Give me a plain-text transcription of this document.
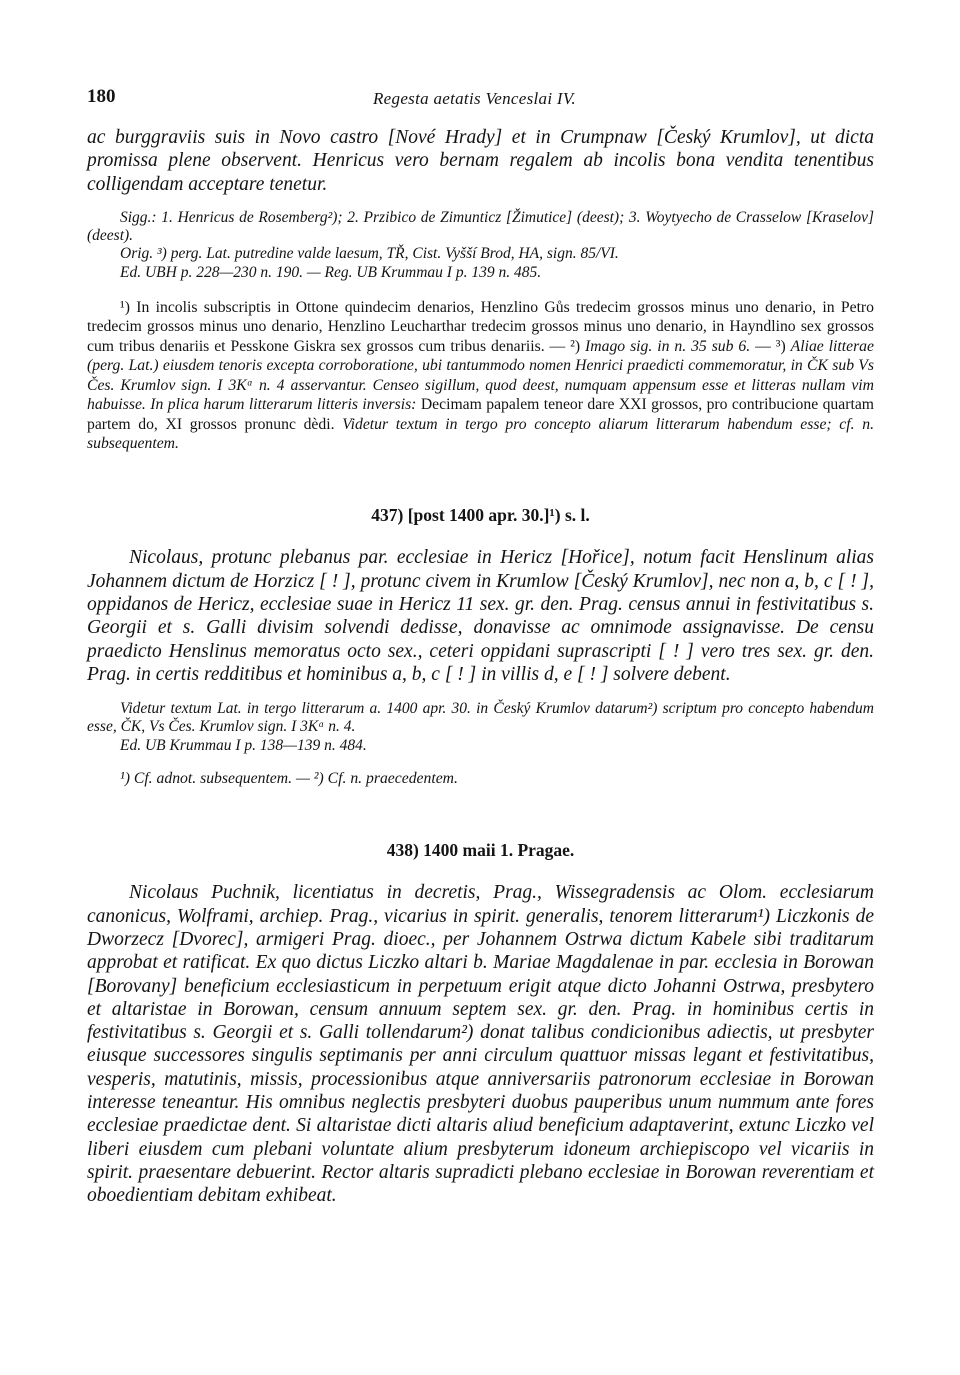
180	Regesta aetatis Venceslai IV.

ac burggraviis suis in Novo castro [Nové Hrady] et in Crumpnaw [Český Krumlov], ut dicta promissa plene observent. Henricus vero bernam regalem ab incolis bona vendita tenentibus colligendam acceptare tenetur.

Sigg.: 1. Henricus de Rosemberg²); 2. Przibico de Zimunticz [Žimutice] (deest); 3. Woytyecho de Crasselow [Kraselov] (deest).

Orig. ³) perg. Lat. putredine valde laesum, TŘ, Cist. Vyšší Brod, HA, sign. 85/VI.

Ed. UBH p. 228—230 n. 190. — Reg. UB Krummau I p. 139 n. 485.

¹) In incolis subscriptis in Ottone quindecim denarios, Henzlino Gůs tredecim grossos minus uno denario, in Petro tredecim grossos minus uno denario, Henzlino Leucharthar tredecim grossos minus uno denario, in Hayndlino sex grossos cum tribus denariis et Pesskone Giskra sex grossos cum tribus denariis. — ²) Imago sig. in n. 35 sub 6. — ³) Aliae litterae (perg. Lat.) eiusdem tenoris excepta corroboratione, ubi tantummodo nomen Henrici praedicti commemoratur, in ČK sub Vs Čes. Krumlov sign. I 3Kᵅ n. 4 asservantur. Censeo sigillum, quod deest, numquam appensum esse et litteras nullam vim habuisse. In plica harum litterarum litteris inversis: Decimam papalem teneor dare XXI grossos, pro contribucione quartam partem do, XI grossos pronunc dèdi. Videtur textum in tergo pro concepto aliarum litterarum habendum esse; cf. n. subsequentem.

437) [post 1400 apr. 30.]¹) s. l.

Nicolaus, protunc plebanus par. ecclesiae in Hericz [Hořice], notum facit Henslinum alias Johannem dictum de Horzicz [ ! ], protunc civem in Krumlow [Český Krumlov], nec non a, b, c [ ! ], oppidanos de Hericz, ecclesiae suae in Hericz 11 sex. gr. den. Prag. census annui in festivitatibus s. Georgii et s. Galli divisim solvendi dedisse, donavisse ac omnimode assignavisse. De censu praedicto Henslinus memoratus octo sex., ceteri oppidani suprascripti [ ! ] vero tres sex. gr. den. Prag. in certis redditibus et hominibus a, b, c [ ! ] in villis d, e [ ! ] solvere debent.

Videtur textum Lat. in tergo litterarum a. 1400 apr. 30. in Český Krumlov datarum²) scriptum pro concepto habendum esse, ČK, Vs Čes. Krumlov sign. I 3Kᵅ n. 4.

Ed. UB Krummau I p. 138—139 n. 484.

¹) Cf. adnot. subsequentem. — ²) Cf. n. praecedentem.

438) 1400 maii 1. Pragae.

Nicolaus Puchnik, licentiatus in decretis, Prag., Wissegradensis ac Olom. ecclesiarum canonicus, Wolframi, archiep. Prag., vicarius in spirit. generalis, tenorem litterarum¹) Liczkonis de Dworzecz [Dvorec], armigeri Prag. dioec., per Johannem Ostrwa dictum Kabele sibi traditarum approbat et ratificat. Ex quo dictus Liczko altari b. Mariae Magdalenae in par. ecclesia in Borowan [Borovany] beneficium ecclesiasticum in perpetuum erigit atque dicto Johanni Ostrwa, presbytero et altaristae in Borowan, censum annuum septem sex. gr. den. Prag. in hominibus certis in festivitatibus s. Georgii et s. Galli tollendarum²) donat talibus condicionibus adiectis, ut presbyter eiusque successores singulis septimanis per anni circulum quattuor missas legant et festivitatibus, vesperis, matutinis, missis, processionibus atque anniversariis patronorum ecclesiae in Borowan interesse teneantur. His omnibus neglectis presbyteri duobus pauperibus unum nummum ante fores ecclesiae praedictae dent. Si altaristae dicti altaris aliud beneficium adaptaverint, extunc Liczko vel liberi eiusdem cum plebani voluntate alium presbyterum idoneum archiepiscopo vel vicariis in spirit. praesentare debuerint. Rector altaris supradicti plebano ecclesiae in Borowan reverentiam et oboedientiam debitam exhibeat.
